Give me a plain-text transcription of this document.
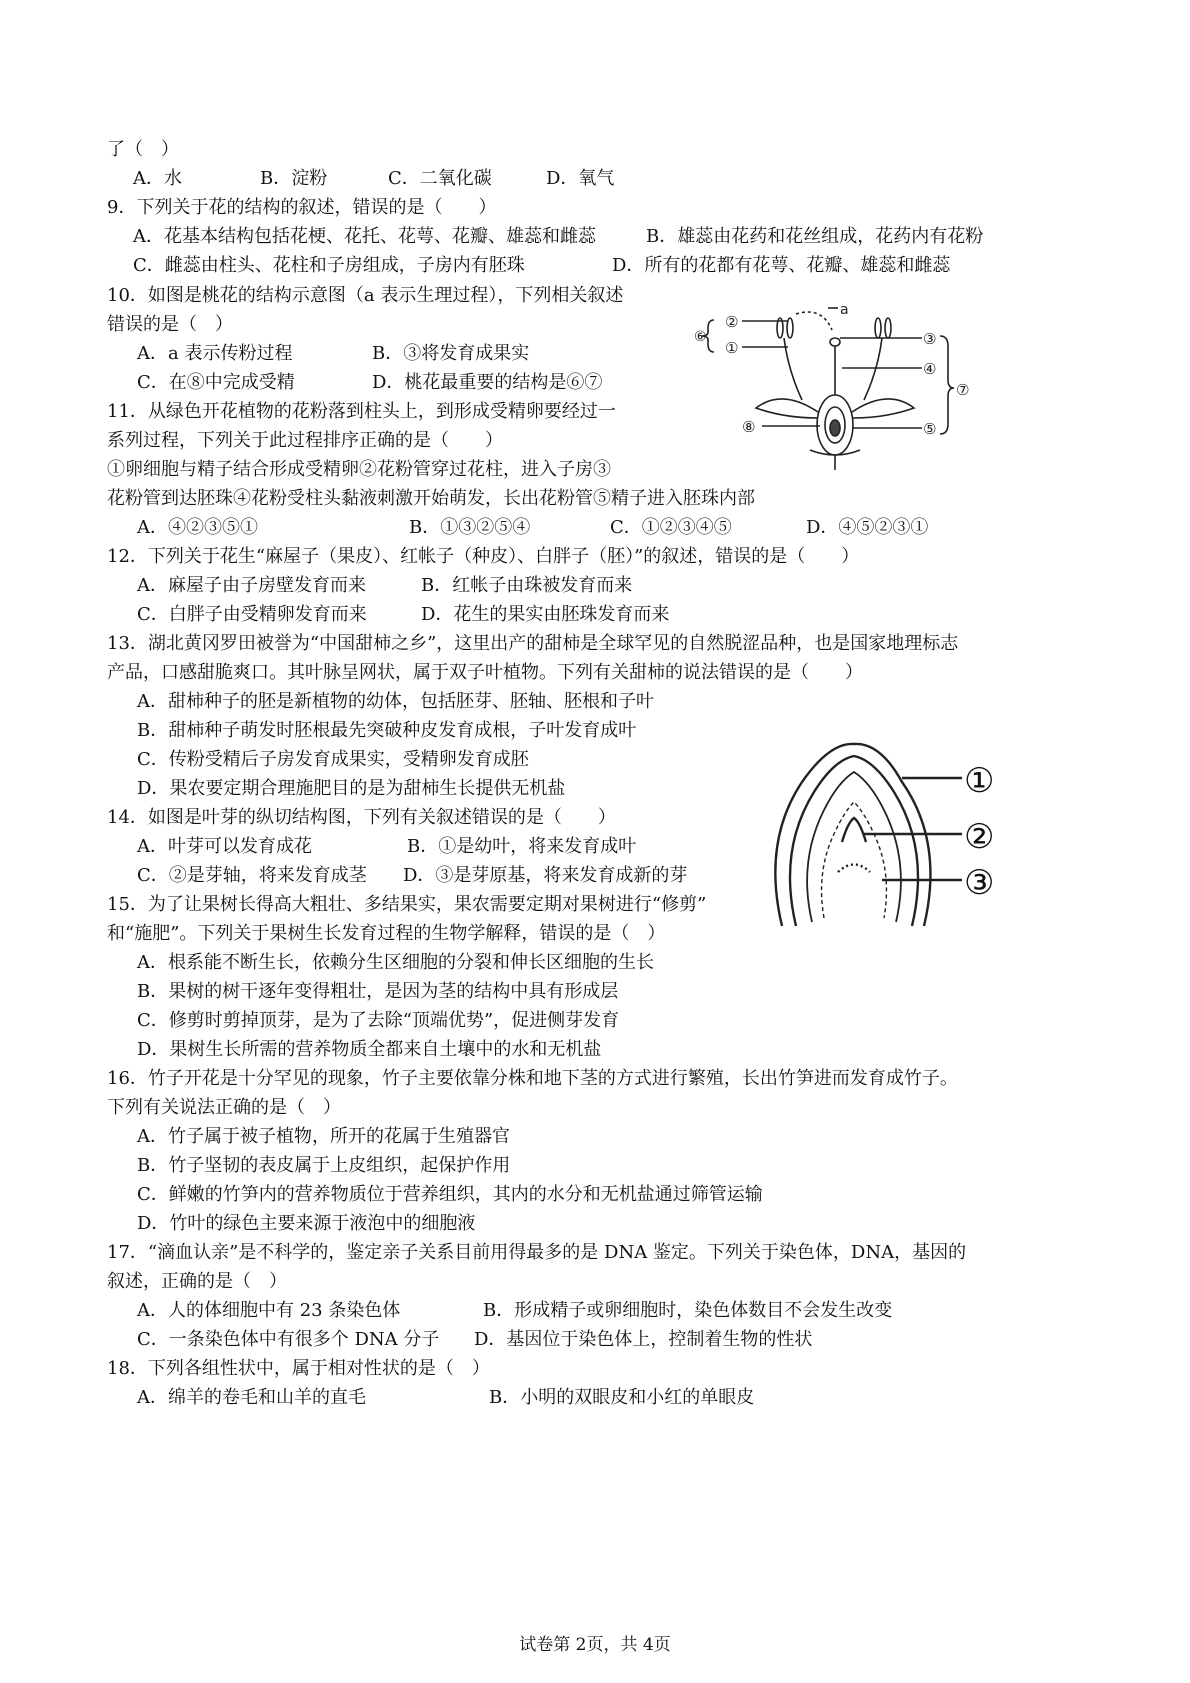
了（　）
A．水	B．淀粉	C．二氧化碳	D．氧气
9．下列关于花的结构的叙述，错误的是（　　）
A．花基本结构包括花梗、花托、花萼、花瓣、雄蕊和雌蕊	B．雄蕊由花药和花丝组成，花药内有花粉
C．雌蕊由柱头、花柱和子房组成，子房内有胚珠	D．所有的花都有花萼、花瓣、雄蕊和雌蕊
10．如图是桃花的结构示意图（a 表示生理过程），下列相关叙述
错误的是（　）
A．a 表示传粉过程	B．③将发育成果实
C．在⑧中完成受精	D．桃花最重要的结构是⑥⑦
⑥
②
①
a
③
④
⑤
⑦
⑧
11．从绿色开花植物的花粉落到柱头上，到形成受精卵要经过一
系列过程，下列关于此过程排序正确的是（　　）
①卵细胞与精子结合形成受精卵②花粉管穿过花柱，进入子房③
花粉管到达胚珠④花粉受柱头黏液刺激开始萌发，长出花粉管⑤精子进入胚珠内部
A．④②③⑤①	B．①③②⑤④	C．①②③④⑤	D．④⑤②③①
12．下列关于花生“麻屋子（果皮）、红帐子（种皮）、白胖子（胚）”的叙述，错误的是（　　）
A．麻屋子由子房壁发育而来	B．红帐子由珠被发育而来
C．白胖子由受精卵发育而来	D．花生的果实由胚珠发育而来
13．湖北黄冈罗田被誉为“中国甜柿之乡”，这里出产的甜柿是全球罕见的自然脱涩品种，也是国家地理标志
产品，口感甜脆爽口。其叶脉呈网状，属于双子叶植物。下列有关甜柿的说法错误的是（　　）
A．甜柿种子的胚是新植物的幼体，包括胚芽、胚轴、胚根和子叶
B．甜柿种子萌发时胚根最先突破种皮发育成根，子叶发育成叶
C．传粉受精后子房发育成果实，受精卵发育成胚
D．果农要定期合理施肥目的是为甜柿生长提供无机盐	①
②
③
14．如图是叶芽的纵切结构图，下列有关叙述错误的是（　　）
A．叶芽可以发育成花	B．①是幼叶，将来发育成叶
C．②是芽轴，将来发育成茎 D．③是芽原基，将来发育成新的芽
15．为了让果树长得高大粗壮、多结果实，果农需要定期对果树进行“修剪”
和“施肥”。下列关于果树生长发育过程的生物学解释，错误的是（　）
A．根系能不断生长，依赖分生区细胞的分裂和伸长区细胞的生长
B．果树的树干逐年变得粗壮，是因为茎的结构中具有形成层
C．修剪时剪掉顶芽，是为了去除“顶端优势”，促进侧芽发育
D．果树生长所需的营养物质全都来自土壤中的水和无机盐
16．竹子开花是十分罕见的现象，竹子主要依靠分株和地下茎的方式进行繁殖，长出竹笋进而发育成竹子。
下列有关说法正确的是（　）
A．竹子属于被子植物，所开的花属于生殖器官
B．竹子坚韧的表皮属于上皮组织，起保护作用
C．鲜嫩的竹笋内的营养物质位于营养组织，其内的水分和无机盐通过筛管运输
D．竹叶的绿色主要来源于液泡中的细胞液
17．“滴血认亲”是不科学的，鉴定亲子关系目前用得最多的是 DNA 鉴定。下列关于染色体，DNA，基因的
叙述，正确的是（　）
A．人的体细胞中有 23 条染色体	B．形成精子或卵细胞时，染色体数目不会发生改变
C．一条染色体中有很多个 DNA 分子 D．基因位于染色体上，控制着生物的性状
18．下列各组性状中，属于相对性状的是（　）
A．绵羊的卷毛和山羊的直毛	B．小明的双眼皮和小红的单眼皮
试卷第 2页，共 4页
